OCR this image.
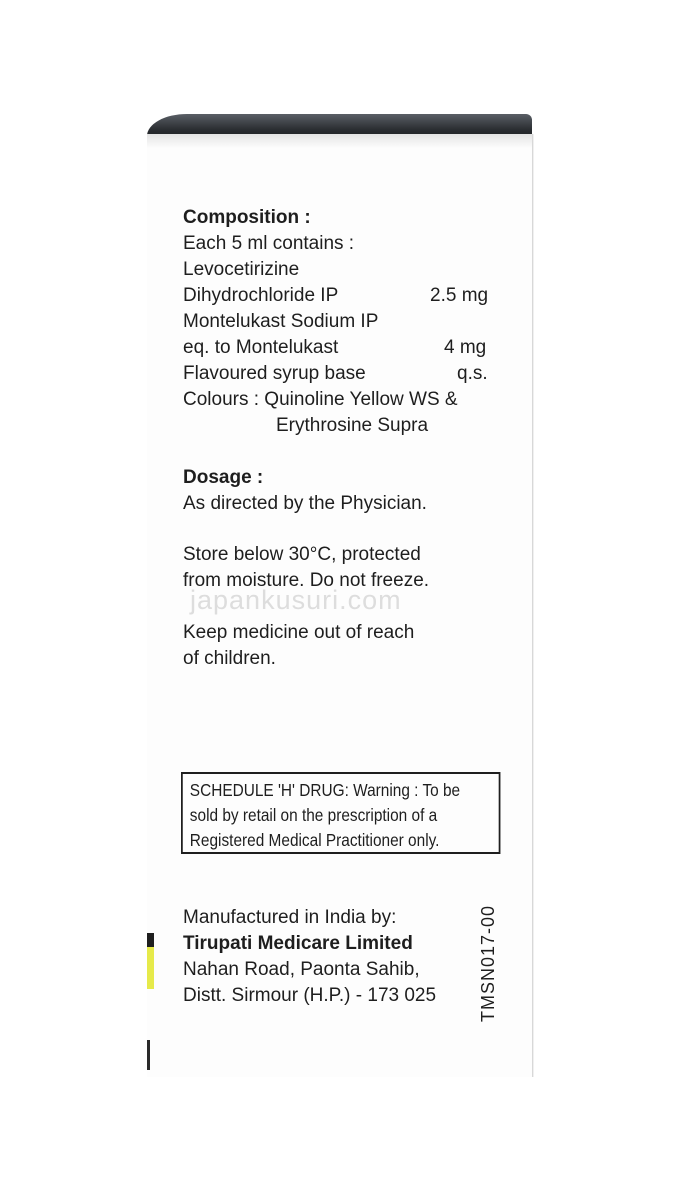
Composition :
Each 5 ml contains :
Levocetirizine
Dihydrochloride IP	2.5 mg
Montelukast Sodium IP
eq. to Montelukast	4 mg
Flavoured syrup base	q.s.
Colours : Quinoline Yellow WS &
Erythrosine Supra
Dosage :
As directed by the Physician.
Store below 30°C, protected
from moisture. Do not freeze.
japankusuri.com
Keep medicine out of reach
of children.
SCHEDULE 'H' DRUG: Warning : To be
sold by retail on the prescription of a
Registered Medical Practitioner only.
Manufactured in India by:
Tirupati Medicare Limited
Nahan Road, Paonta Sahib,
Distt. Sirmour (H.P.) - 173 025 TMSN017-00
